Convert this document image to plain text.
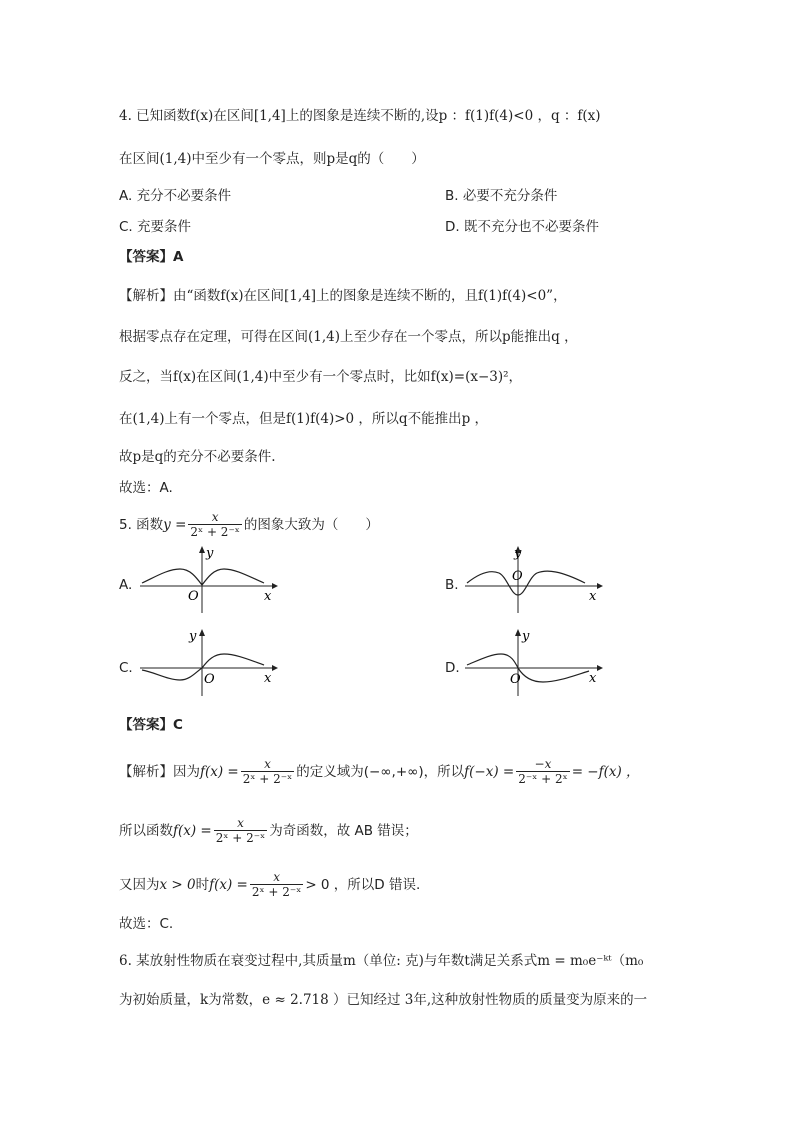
4. 已知函数f(x)在区间[1,4]上的图象是连续不断的,设p ：f(1)f(4)<0 ，q ：f(x)
在区间(1,4)中至少有一个零点，则p是q的（　　）
A. 充分不必要条件	B. 必要不充分条件
C. 充要条件	D. 既不充分也不必要条件
【答案】A
【解析】由“函数f(x)在区间[1,4]上的图象是连续不断的，且f(1)f(4)<0”，
根据零点存在定理，可得在区间(1,4)上至少存在一个零点，所以p能推出q ，
反之，当f(x)在区间(1,4)中至少有一个零点时，比如f(x)=(x−3)²，
在(1,4)上有一个零点，但是f(1)f(4)>0 ，所以q不能推出p ，
故p是q的充分不必要条件.
故选：A.
5. 函数$y = \frac{x}{\text{2ˣ + 2⁻ˣ}}$ 的图象大致为（　　）
A.
y
O	x
B.
y
O
x
C.
y
O	x
D.
y
O	x
【答案】C
【解析】因为$f(x) = \frac{x}{\text{2ˣ + 2⁻ˣ}}$ 的定义域为(−∞,+∞)，所以$f(-x) = \frac{-x}{\text{2⁻ˣ + 2ˣ}} = -f(x)$ ，
所以函数$f(x) = \frac{x}{\text{2ˣ + 2⁻ˣ}}$ 为奇函数，故 AB 错误；
又因为x > 0时$f(x) = \frac{x}{\text{2ˣ + 2⁻ˣ}} > 0$ ，所以D 错误.
故选：C.
6. 某放射性物质在衰变过程中,其质量m（单位: 克)与年数t满足关系式m = m₀e⁻ᵏᵗ（m₀
为初始质量，k为常数，e ≈ 2.718 ）已知经过 3年,这种放射性物质的质量变为原来的一
